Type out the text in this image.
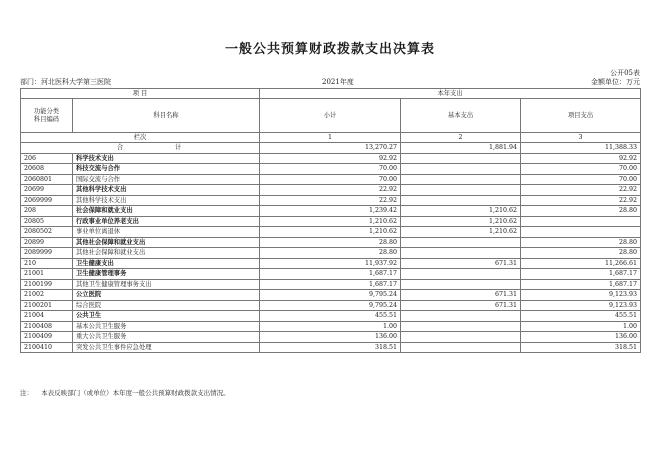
一般公共预算财政拨款支出决算表
公开05表
部门：河北医科大学第三医院	2021年度	金额单位：万元
项 目		本年支出		
功能分类
科目编码	科目名称	小计	基本支出	项目支出
栏次		1	2	3
合 计		13,270.27	1,881.94	11,388.33
206	科学技术支出	92.92		92.92
20608	科技交流与合作	70.00		70.00
2060801	国际交流与合作	70.00		70.00
20699	其他科学技术支出	22.92		22.92
2069999	其他科学技术支出	22.92		22.92
208	社会保障和就业支出	1,239.42	1,210.62	28.80
20805	行政事业单位养老支出	1,210.62	1,210.62	
2080502	事业单位离退休	1,210.62	1,210.62	
20899	其他社会保障和就业支出	28.80		28.80
2089999	其他社会保障和就业支出	28.80		28.80
210	卫生健康支出	11,937.92	671.31	11,266.61
21001	卫生健康管理事务	1,687.17		1,687.17
2100199	其他卫生健康管理事务支出	1,687.17		1,687.17
21002	公立医院	9,795.24	671.31	9,123.93
2100201	综合医院	9,795.24	671.31	9,123.93
21004	公共卫生	455.51		455.51
2100408	基本公共卫生服务	1.00		1.00
2100409	重大公共卫生服务	136.00		136.00
2100410	突发公共卫生事件应急处理	318.51		318.51
注： 本表反映部门（或单位）本年度一般公共预算财政拨款支出情况。
